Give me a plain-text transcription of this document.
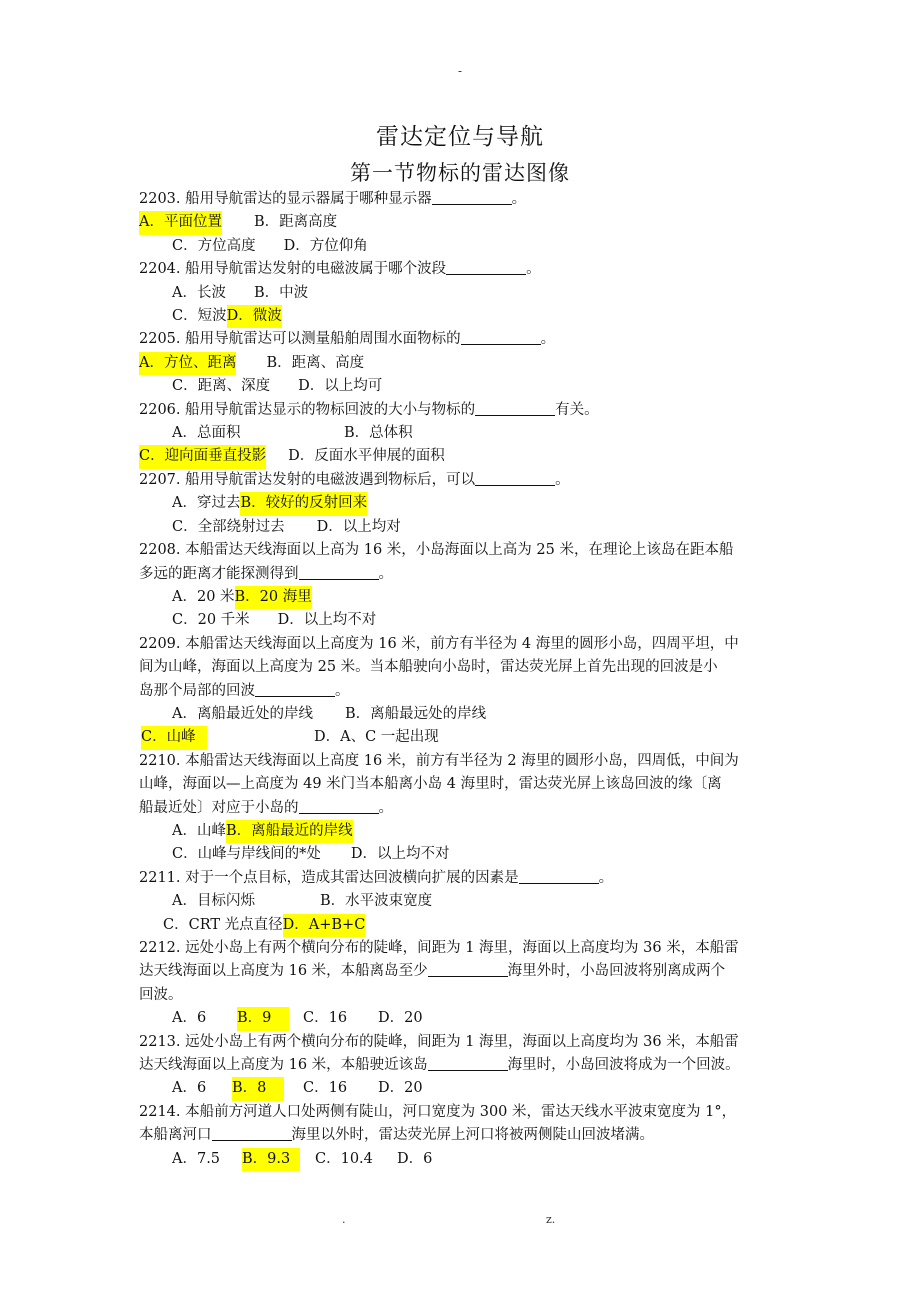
-
雷达定位与导航
第一节物标的雷达图像
2203. 船用导航雷达的显示器属于哪种显示器	。
A．平面位置 B．距离高度
C．方位高度 D．方位仰角
2204. 船用导航雷达发射的电磁波属于哪个波段	。
A．长波 B．中波
C．短波D．微波
2205. 船用导航雷达可以测量船舶周围水面物标的	。
A．方位、距离 B．距离、高度
C．距离、深度 D．以上均可
2206. 船用导航雷达显示的物标回波的大小与物标的	有关。
A．总面积	B．总体积
C．迎向面垂直投影 D．反面水平伸展的面积
2207. 船用导航雷达发射的电磁波遇到物标后，可以	。
A．穿过去B．较好的反射回来
C．全部绕射过去 D．以上均对
2208. 本船雷达天线海面以上高为 16 米，小岛海面以上高为 25 米，在理论上该岛在距本船
多远的距离才能探测得到	。
A．20 米B．20 海里
C．20 千米 D．以上均不对
2209. 本船雷达天线海面以上高度为 16 米，前方有半径为 4 海里的圆形小岛，四周平坦，中
间为山峰，海面以上高度为 25 米。当本船驶向小岛时，雷达荧光屏上首先出现的回波是小
岛那个局部的回波	。
A．离船最近处的岸线 B．离船最远处的岸线
C．山峰	D．A、C 一起出现
2210. 本船雷达天线海面以上高度 16 米，前方有半径为 2 海里的圆形小岛，四周低，中间为
山峰，海面以—上高度为 49 米门当本船离小岛 4 海里时，雷达荧光屏上该岛回波的缘〔离
船最近处〕对应于小岛的	。
A．山峰B．离船最近的岸线
C．山峰与岸线间的*处 D．以上均不对
2211. 对于一个点目标，造成其雷达回波横向扩展的因素是	。
A．目标闪烁	B．水平波束宽度
C．CRT 光点直径D．A+B+C
2212. 远处小岛上有两个横向分布的陡峰，间距为 1 海里，海面以上高度均为 36 米，本船雷
达天线海面以上高度为 16 米，本船离岛至少	海里外时，小岛回波将别离成两个
回波。
A．6 B．9 C．16 D．20
2213. 远处小岛上有两个横向分布的陡峰，间距为 1 海里，海面以上高度均为 36 米，本船雷
达天线海面以上高度为 16 米，本船驶近该岛	海里时，小岛回波将成为一个回波。
A．6 B．8	C．16 D．20
2214. 本船前方河道人口处两侧有陡山，河口宽度为 300 米，雷达天线水平波束宽度为 1°，
本船离河口	海里以外时，雷达荧光屏上河口将被两侧陡山回波堵满。
A．7.5 B．9.3 C．10.4 D．6
.	z.
